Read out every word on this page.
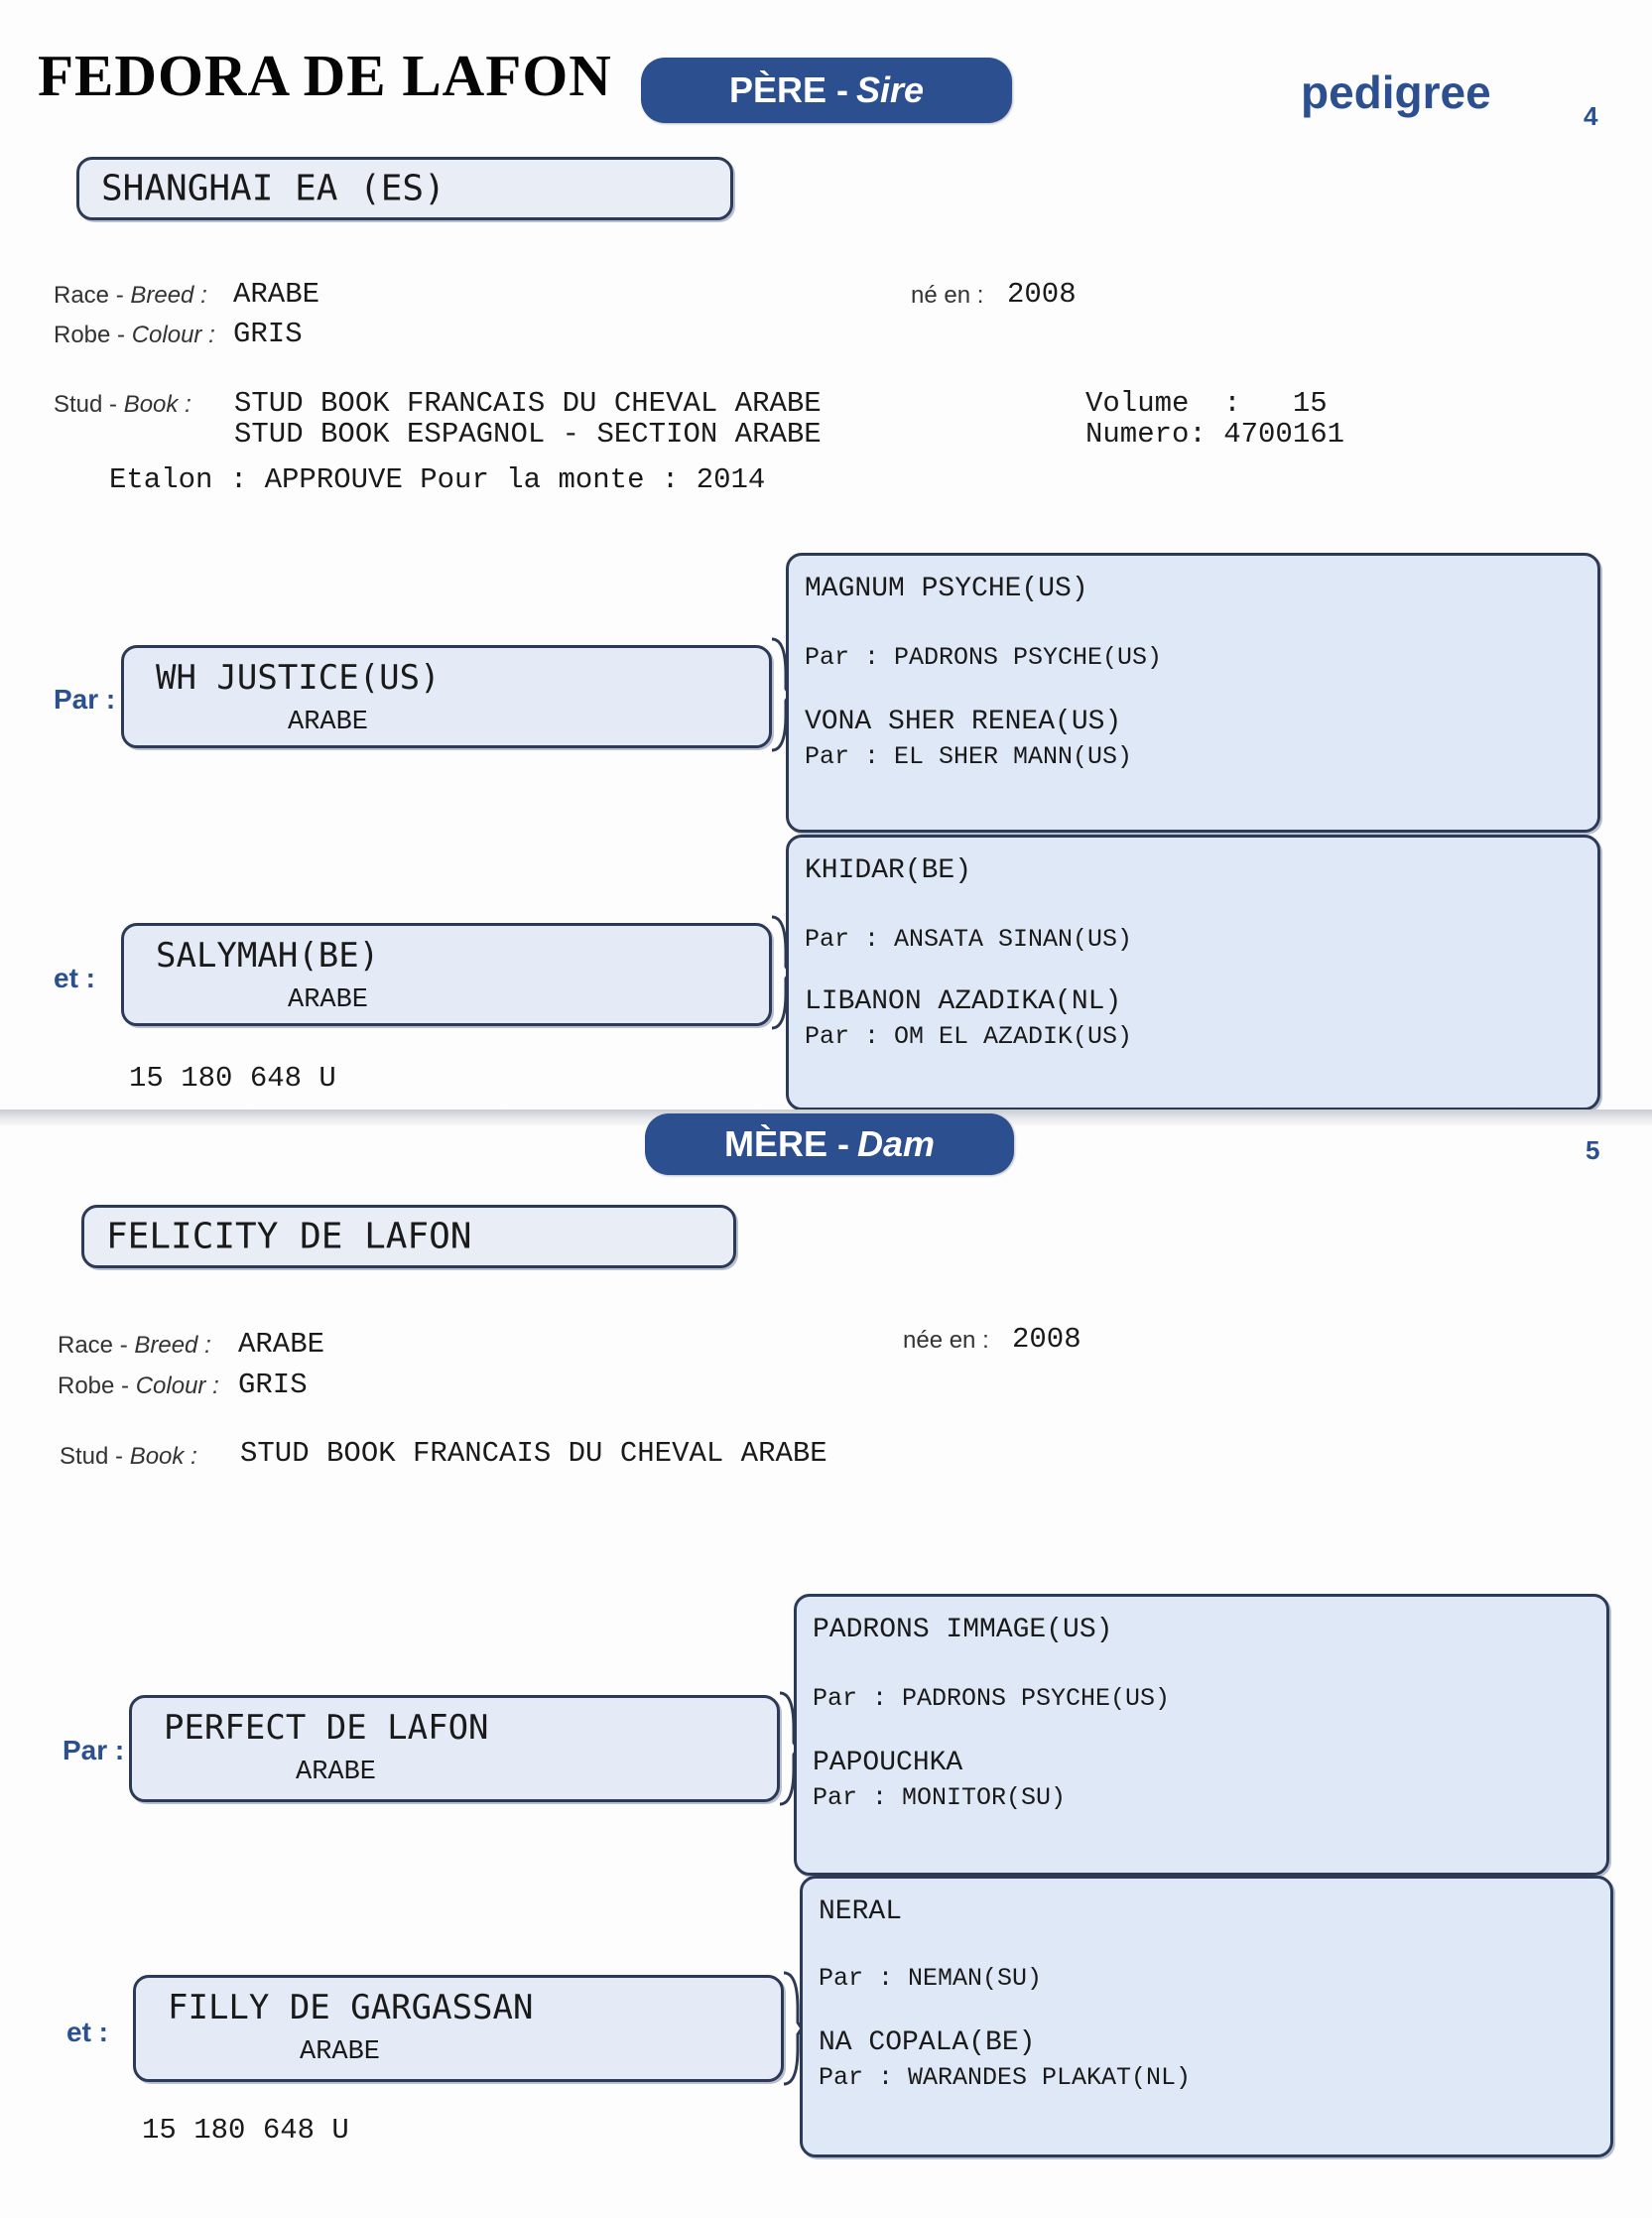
FEDORA DE LAFON	PÈRE - Sire	pedigree	4
SHANGHAI EA (ES)
Race - Breed : ARABE	né en : 2008
Robe - Colour : GRIS
Stud - Book : STUD BOOK FRANCAIS DU CHEVAL ARABE
STUD BOOK ESPAGNOL - SECTION ARABE
Volume  :   15
Numero: 4700161
Etalon : APPROUVE Pour la monte : 2014
Par :
WH JUSTICE(US)
ARABE
et :
SALYMAH(BE)
ARABE
15 180 648 U
MAGNUM PSYCHE(US)
Par : PADRONS PSYCHE(US)
VONA SHER RENEA(US)
Par : EL SHER MANN(US)
KHIDAR(BE)
Par : ANSATA SINAN(US)
LIBANON AZADIKA(NL)
Par : OM EL AZADIK(US)
MÈRE - Dam	5
FELICITY DE LAFON
Race - Breed : ARABE	née en : 2008
Robe - Colour : GRIS
Stud - Book : STUD BOOK FRANCAIS DU CHEVAL ARABE
Par :
PERFECT DE LAFON
ARABE
et :
FILLY DE GARGASSAN
ARABE
15 180 648 U
PADRONS IMMAGE(US)
Par : PADRONS PSYCHE(US)
PAPOUCHKA
Par : MONITOR(SU)
NERAL
Par : NEMAN(SU)
NA COPALA(BE)
Par : WARANDES PLAKAT(NL)
